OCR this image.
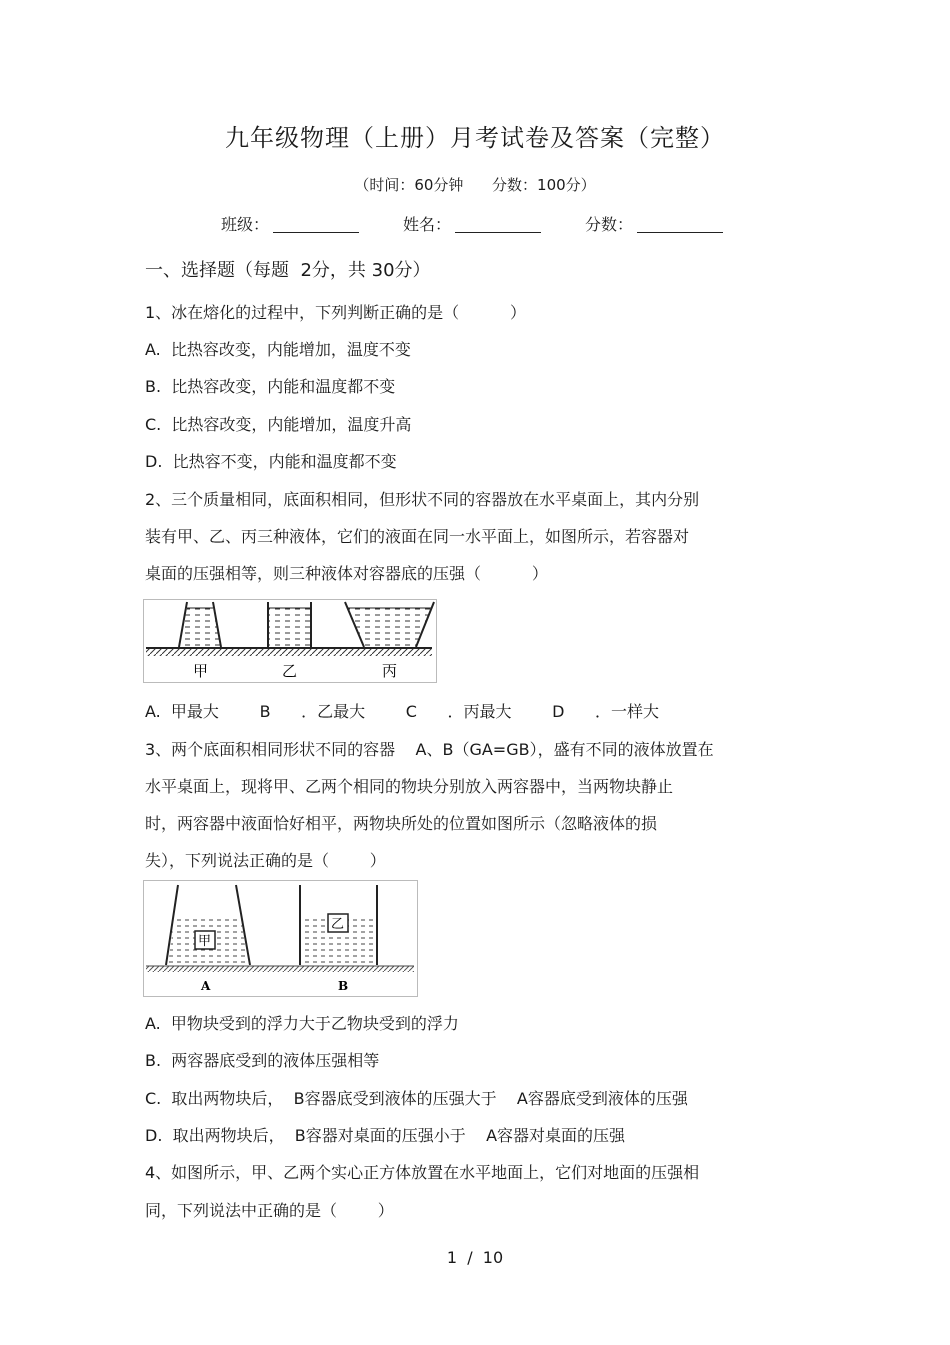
九年级物理（上册）月考试卷及答案（完整）
（时间：60分钟      分数：100分）
班级：	姓名：	分数：
一、选择题（每题  2分，共 30分）
1、冰在熔化的过程中，下列判断正确的是（          ）
A.  比热容改变，内能增加，温度不变
B.  比热容改变，内能和温度都不变
C.  比热容改变，内能增加，温度升高
D.  比热容不变，内能和温度都不变
2、三个质量相同，底面积相同，但形状不同的容器放在水平桌面上，其内分别
装有甲、乙、丙三种液体，它们的液面在同一水平面上，如图所示，若容器对
桌面的压强相等，则三种液体对容器底的压强（          ）
甲	乙	丙
A.  甲最大        B      ．乙最大        C      ．丙最大        D      ．一样大
3、两个底面积相同形状不同的容器    A、B（GA=GB），盛有不同的液体放置在
水平桌面上，现将甲、乙两个相同的物块分别放入两容器中，当两物块静止
时，两容器中液面恰好相平，两物块所处的位置如图所示（忽略液体的损
失），下列说法正确的是（        ）
甲
乙
A	B
A.  甲物块受到的浮力大于乙物块受到的浮力
B.  两容器底受到的液体压强相等
C.  取出两物块后，  B容器底受到液体的压强大于    A容器底受到液体的压强
D.  取出两物块后，  B容器对桌面的压强小于    A容器对桌面的压强
4、如图所示，甲、乙两个实心正方体放置在水平地面上，它们对地面的压强相
同，下列说法中正确的是（        ）
1  /  10
